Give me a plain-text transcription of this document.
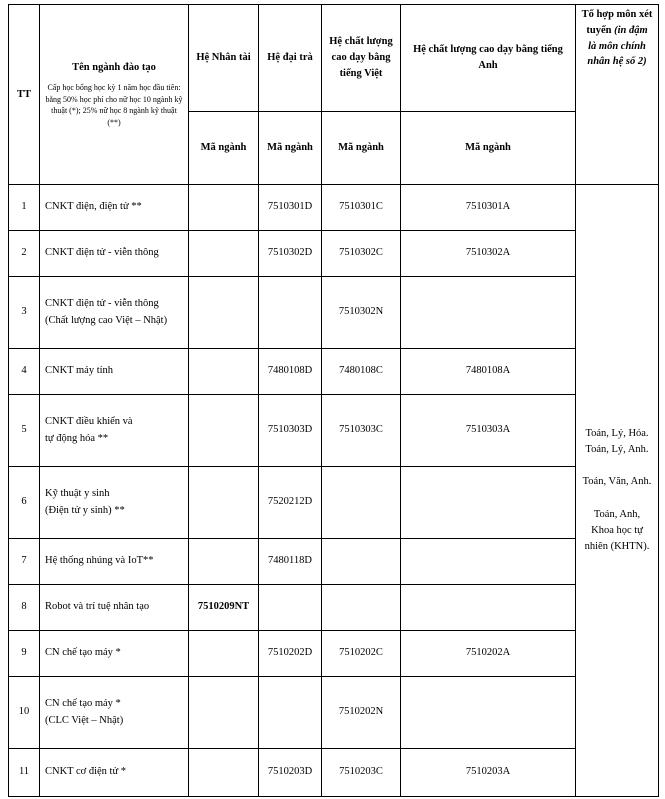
TT	Tên ngành đào tạo
Cấp học bổng học kỳ 1 năm học đầu tiên: bằng 50% học phí cho nữ học 10 ngành kỹ thuật (*); 25% nữ học 8 ngành kỹ thuật (**)	Hệ Nhân tài	Hệ đại trà	Hệ chất lượng cao dạy bằng tiếng Việt	Hệ chất lượng cao dạy bằng tiếng Anh	Tổ hợp môn xét tuyển (in đậm là môn chính nhân hệ số 2)
		Mã ngành	Mã ngành	Mã ngành	Mã ngành	
1	CNKT điện, điện tử **		7510301D	7510301C	7510301A	Toán, Lý, Hóa.
Toán, Lý, Anh.
Toán, Văn, Anh.
Toán, Anh, Khoa học tự nhiên (KHTN).
2	CNKT điện tử - viễn thông		7510302D	7510302C	7510302A	
3	CNKT điện tử - viễn thông
(Chất lượng cao Việt – Nhật)			7510302N		
4	CNKT máy tính		7480108D	7480108C	7480108A	
5	CNKT điều khiển và
tự động hóa **		7510303D	7510303C	7510303A	
6	Kỹ thuật y sinh
(Điện tử y sinh) **		7520212D			
7	Hệ thống nhúng và IoT**		7480118D			
8	Robot và trí tuệ nhân tạo	7510209NT				
9	CN chế tạo máy *		7510202D	7510202C	7510202A	
10	CN chế tạo máy *
(CLC Việt – Nhật)			7510202N		
11	CNKT cơ điện tử *		7510203D	7510203C	7510203A	
